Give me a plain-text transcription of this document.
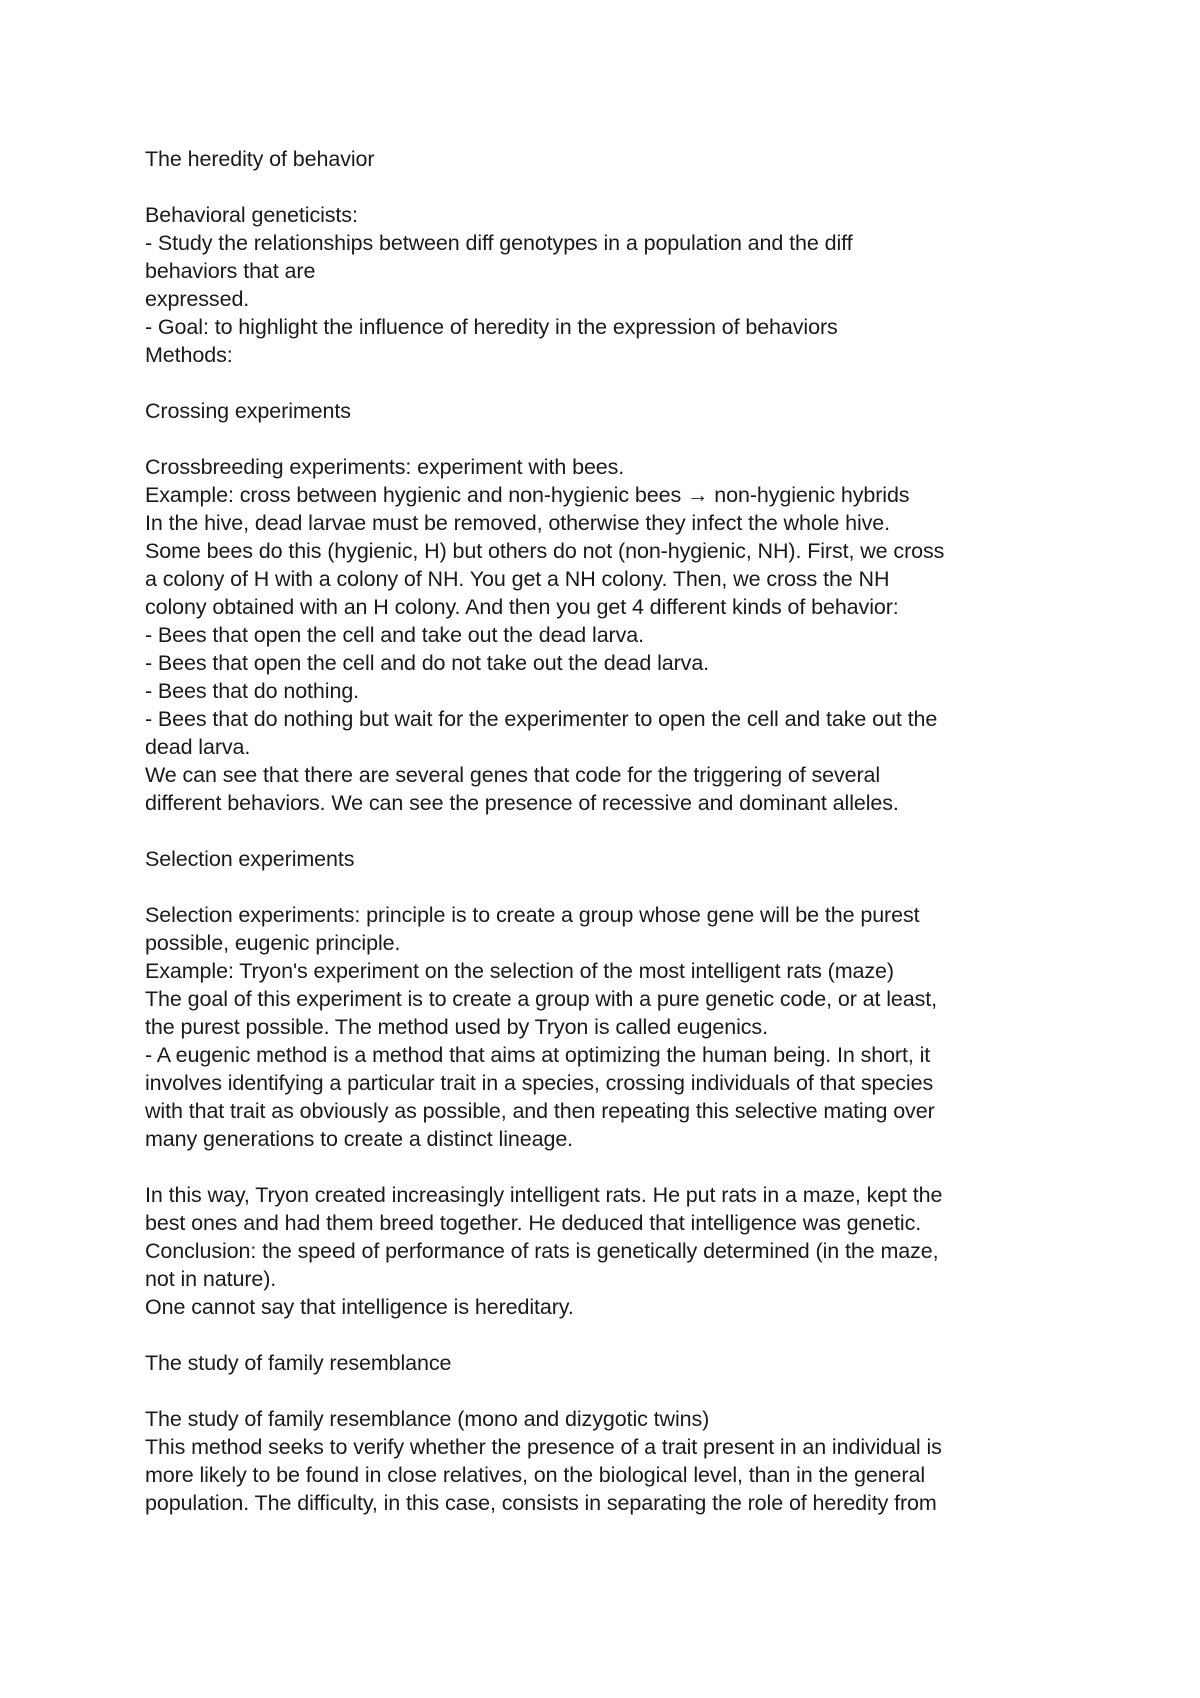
The heredity of behavior
Behavioral geneticists:
- Study the relationships between diff genotypes in a population and the diff
behaviors that are
expressed.
- Goal: to highlight the influence of heredity in the expression of behaviors
Methods:
Crossing experiments
Crossbreeding experiments: experiment with bees.
Example: cross between hygienic and non-hygienic bees → non-hygienic hybrids
In the hive, dead larvae must be removed, otherwise they infect the whole hive.
Some bees do this (hygienic, H) but others do not (non-hygienic, NH). First, we cross
a colony of H with a colony of NH. You get a NH colony. Then, we cross the NH
colony obtained with an H colony. And then you get 4 different kinds of behavior:
- Bees that open the cell and take out the dead larva.
- Bees that open the cell and do not take out the dead larva.
- Bees that do nothing.
- Bees that do nothing but wait for the experimenter to open the cell and take out the
dead larva.
We can see that there are several genes that code for the triggering of several
different behaviors. We can see the presence of recessive and dominant alleles.
Selection experiments
Selection experiments: principle is to create a group whose gene will be the purest
possible, eugenic principle.
Example: Tryon's experiment on the selection of the most intelligent rats (maze)
The goal of this experiment is to create a group with a pure genetic code, or at least,
the purest possible. The method used by Tryon is called eugenics.
- A eugenic method is a method that aims at optimizing the human being. In short, it
involves identifying a particular trait in a species, crossing individuals of that species
with that trait as obviously as possible, and then repeating this selective mating over
many generations to create a distinct lineage.
In this way, Tryon created increasingly intelligent rats. He put rats in a maze, kept the
best ones and had them breed together. He deduced that intelligence was genetic.
Conclusion: the speed of performance of rats is genetically determined (in the maze,
not in nature).
One cannot say that intelligence is hereditary.
The study of family resemblance
The study of family resemblance (mono and dizygotic twins)
This method seeks to verify whether the presence of a trait present in an individual is
more likely to be found in close relatives, on the biological level, than in the general
population. The difficulty, in this case, consists in separating the role of heredity from
